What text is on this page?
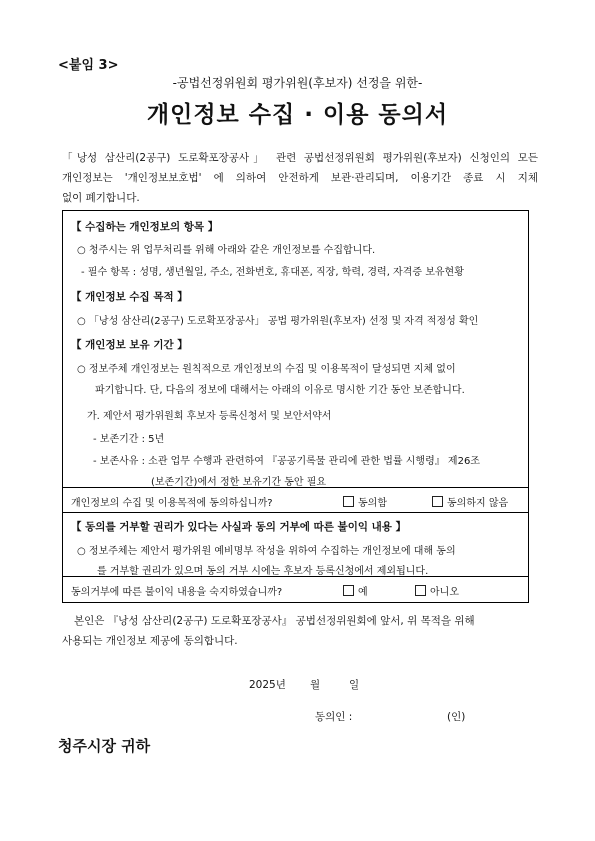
<붙임 3>
-공법선정위원회 평가위원(후보자) 선정을 위한-
개인정보 수집 · 이용 동의서
「낭성 삼산리(2공구) 도로확포장공사」 관련 공법선정위원회 평가위원(후보자) 신청인의 모든
개인정보는 '개인정보보호법' 에 의하여 안전하게 보관·관리되며, 이용기간 종료 시 지체
없이 폐기합니다.
【 수집하는 개인정보의 항목 】
○ 청주시는 위 업무처리를 위해 아래와 같은 개인정보를 수집합니다.
- 필수 항목 : 성명, 생년월일, 주소, 전화번호, 휴대폰, 직장, 학력, 경력, 자격증 보유현황
【 개인정보 수집 목적 】
○ 「낭성 삼산리(2공구) 도로확포장공사」 공법 평가위원(후보자) 선정 및 자격 적정성 확인
【 개인정보 보유 기간 】
○ 정보주체 개인정보는 원칙적으로 개인정보의 수집 및 이용목적이 달성되면 지체 없이
파기합니다. 단, 다음의 정보에 대해서는 아래의 이유로 명시한 기간 동안 보존합니다.
가. 제안서 평가위원회 후보자 등록신청서 및 보안서약서
- 보존기간 : 5년
- 보존사유 : 소관 업무 수행과 관련하여 『공공기록물 관리에 관한 법률 시행령』 제26조
(보존기간)에서 정한 보유기간 동안 필요
개인정보의 수집 및 이용목적에 동의하십니까?	동의함	동의하지 않음
【 동의를 거부할 권리가 있다는 사실과 동의 거부에 따른 불이익 내용 】
○ 정보주체는 제안서 평가위원 예비명부 작성을 위하여 수집하는 개인정보에 대해 동의
를 거부할 권리가 있으며 동의 거부 시에는 후보자 등록신청에서 제외됩니다.
동의거부에 따른 불이익 내용을 숙지하였습니까?	예	아니오
본인은 『낭성 삼산리(2공구) 도로확포장공사』 공법선정위원회에 앞서, 위 목적을 위해
사용되는 개인정보 제공에 동의합니다.
2025년 월	일
동의인 :	(인)
청주시장 귀하
